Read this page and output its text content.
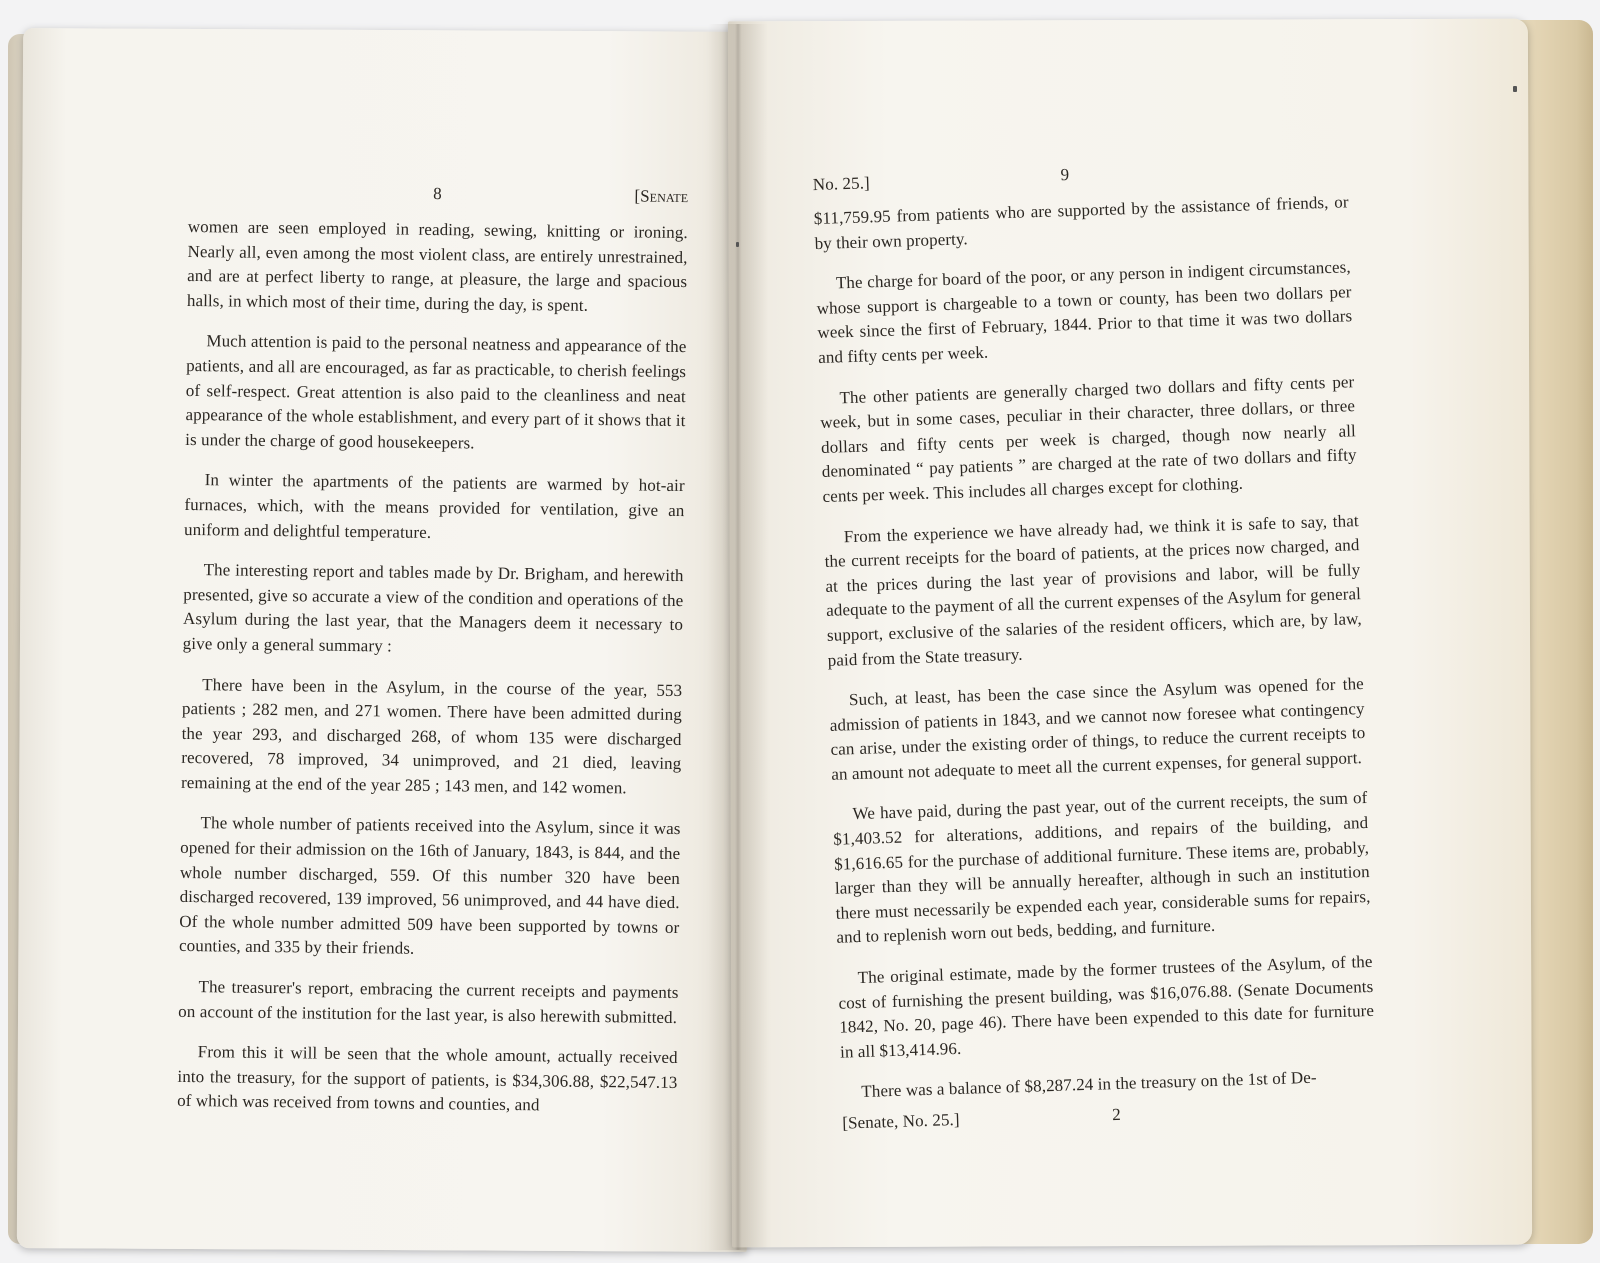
8	[Senate

women are seen employed in reading, sewing, knitting or ironing. Nearly all, even among the most violent class, are entirely unrestrained, and are at perfect liberty to range, at pleasure, the large and spacious halls, in which most of their time, during the day, is spent.

Much attention is paid to the personal neatness and appearance of the patients, and all are encouraged, as far as practicable, to cherish feelings of self-respect. Great attention is also paid to the cleanliness and neat appearance of the whole establishment, and every part of it shows that it is under the charge of good housekeepers.

In winter the apartments of the patients are warmed by hot-air furnaces, which, with the means provided for ventilation, give an uniform and delightful temperature.

The interesting report and tables made by Dr. Brigham, and herewith presented, give so accurate a view of the condition and operations of the Asylum during the last year, that the Managers deem it necessary to give only a general summary :

There have been in the Asylum, in the course of the year, 553 patients ; 282 men, and 271 women. There have been admitted during the year 293, and discharged 268, of whom 135 were discharged recovered, 78 improved, 34 unimproved, and 21 died, leaving remaining at the end of the year 285 ; 143 men, and 142 women.

The whole number of patients received into the Asylum, since it was opened for their admission on the 16th of January, 1843, is 844, and the whole number discharged, 559. Of this number 320 have been discharged recovered, 139 improved, 56 unimproved, and 44 have died. Of the whole number admitted 509 have been supported by towns or counties, and 335 by their friends.

The treasurer's report, embracing the current receipts and payments on account of the institution for the last year, is also herewith submitted.

From this it will be seen that the whole amount, actually received into the treasury, for the support of patients, is $34,306.88, $22,547.13 of which was received from towns and counties, and

No. 25.]	9

$11,759.95 from patients who are supported by the assistance of friends, or by their own property.

The charge for board of the poor, or any person in indigent circumstances, whose support is chargeable to a town or county, has been two dollars per week since the first of February, 1844. Prior to that time it was two dollars and fifty cents per week.

The other patients are generally charged two dollars and fifty cents per week, but in some cases, peculiar in their character, three dollars, or three dollars and fifty cents per week is charged, though now nearly all denominated “ pay patients ” are charged at the rate of two dollars and fifty cents per week. This includes all charges except for clothing.

From the experience we have already had, we think it is safe to say, that the current receipts for the board of patients, at the prices now charged, and at the prices during the last year of provisions and labor, will be fully adequate to the payment of all the current expenses of the Asylum for general support, exclusive of the salaries of the resident officers, which are, by law, paid from the State treasury.

Such, at least, has been the case since the Asylum was opened for the admission of patients in 1843, and we cannot now foresee what contingency can arise, under the existing order of things, to reduce the current receipts to an amount not adequate to meet all the current expenses, for general support.

We have paid, during the past year, out of the current receipts, the sum of $1,403.52 for alterations, additions, and repairs of the building, and $1,616.65 for the purchase of additional furniture. These items are, probably, larger than they will be annually hereafter, although in such an institution there must necessarily be expended each year, considerable sums for repairs, and to replenish worn out beds, bedding, and furniture.

The original estimate, made by the former trustees of the Asylum, of the cost of furnishing the present building, was $16,076.88. (Senate Documents 1842, No. 20, page 46). There have been expended to this date for furniture in all $13,414.96.

There was a balance of $8,287.24 in the treasury on the 1st of De-

[Senate, No. 25.]	2
